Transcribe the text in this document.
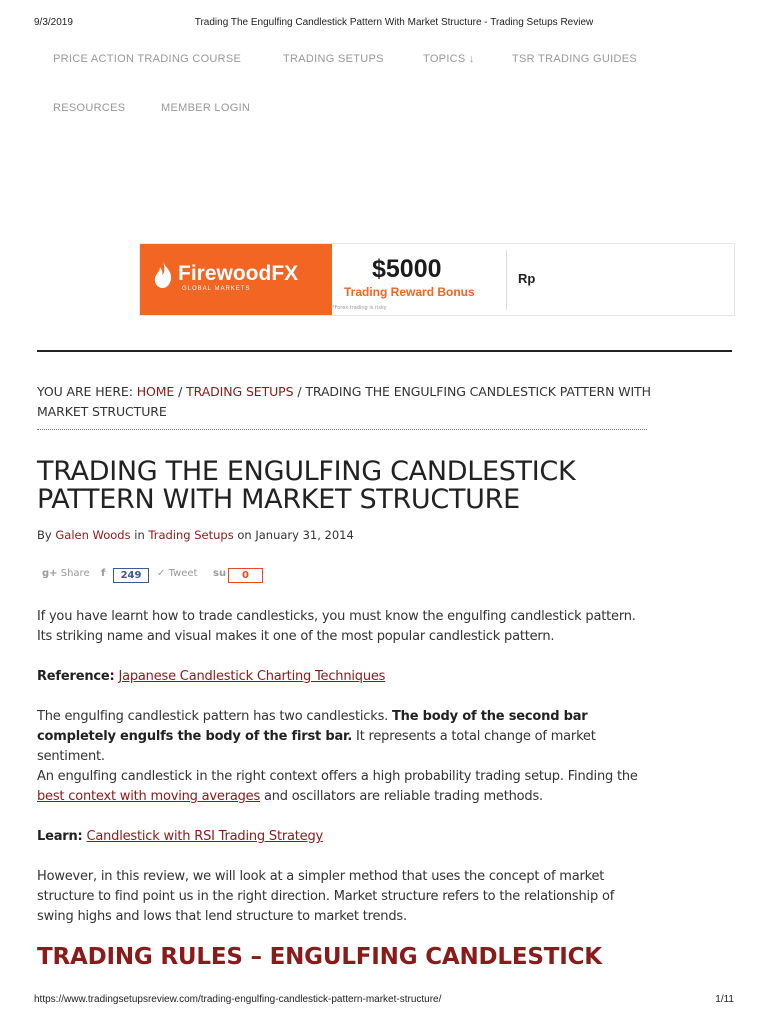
9/3/2019	Trading The Engulfing Candlestick Pattern With Market Structure - Trading Setups Review
PRICE ACTION TRADING COURSE	TRADING SETUPS	TOPICS ↓	TSR TRADING GUIDES
RESOURCES	MEMBER LOGIN
FirewoodFX
GLOBAL MARKETS
$5000
Trading Reward Bonus
*Forex trading is risky
Rp
YOU ARE HERE: HOME / TRADING SETUPS / TRADING THE ENGULFING CANDLESTICK PATTERN WITH MARKET STRUCTURE
TRADING THE ENGULFING CANDLESTICK PATTERN WITH MARKET STRUCTURE
By Galen Woods in Trading Setups on January 31, 2014
g+ Share f	249	✓ Tweet su	0

If you have learnt how to trade candlesticks, you must know the engulfing candlestick pattern. Its striking name and visual makes it one of the most popular candlestick pattern.

Reference: Japanese Candlestick Charting Techniques

The engulfing candlestick pattern has two candlesticks. The body of the second bar completely engulfs the body of the first bar. It represents a total change of market sentiment.

An engulfing candlestick in the right context offers a high probability trading setup. Finding the best context with moving averages and oscillators are reliable trading methods.

Learn: Candlestick with RSI Trading Strategy

However, in this review, we will look at a simpler method that uses the concept of market structure to find point us in the right direction. Market structure refers to the relationship of swing highs and lows that lend structure to market trends.

TRADING RULES – ENGULFING CANDLESTICK
https://www.tradingsetupsreview.com/trading-engulfing-candlestick-pattern-market-structure/	1/11
